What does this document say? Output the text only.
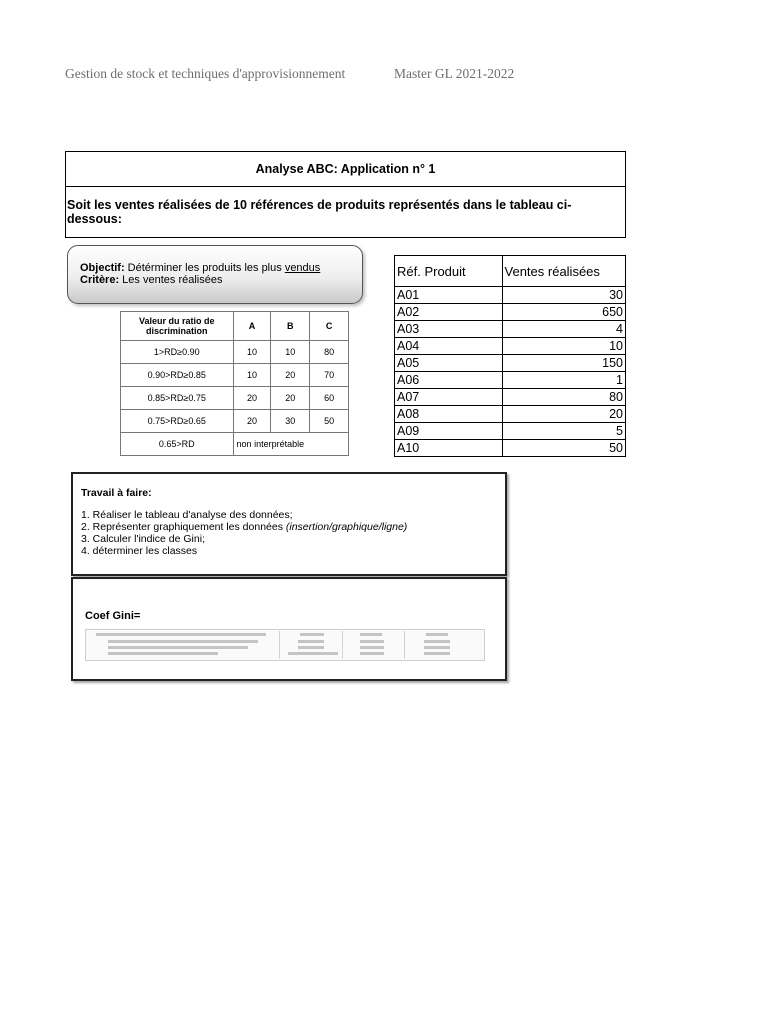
Gestion de stock et techniques d'approvisionnement	Master GL 2021-2022
Analyse ABC: Application n° 1
Soit les ventes réalisées de 10 références de produits représentés dans le tableau ci-dessous:
Objectif: Détérminer les produits les plus vendus
Critère: Les ventes réalisées
Valeur du ratio de discrimination	A	B	C
1>RD≥0.90	10	10	80
0.90>RD≥0.85	10	20	70
0.85>RD≥0.75	20	20	60
0.75>RD≥0.65	20	30	50
0.65>RD	non interprétable		
Réf. Produit	Ventes réalisées
A01	30
A02	650
A03	4
A04	10
A05	150
A06	1
A07	80
A08	20
A09	5
A10	50
Travail à faire:
1. Réaliser le tableau d'analyse des données;
2. Représenter graphiquement les données (insertion/graphique/ligne)
3. Calculer l'indice de Gini;
4. déterminer les classes
Coef Gini=
